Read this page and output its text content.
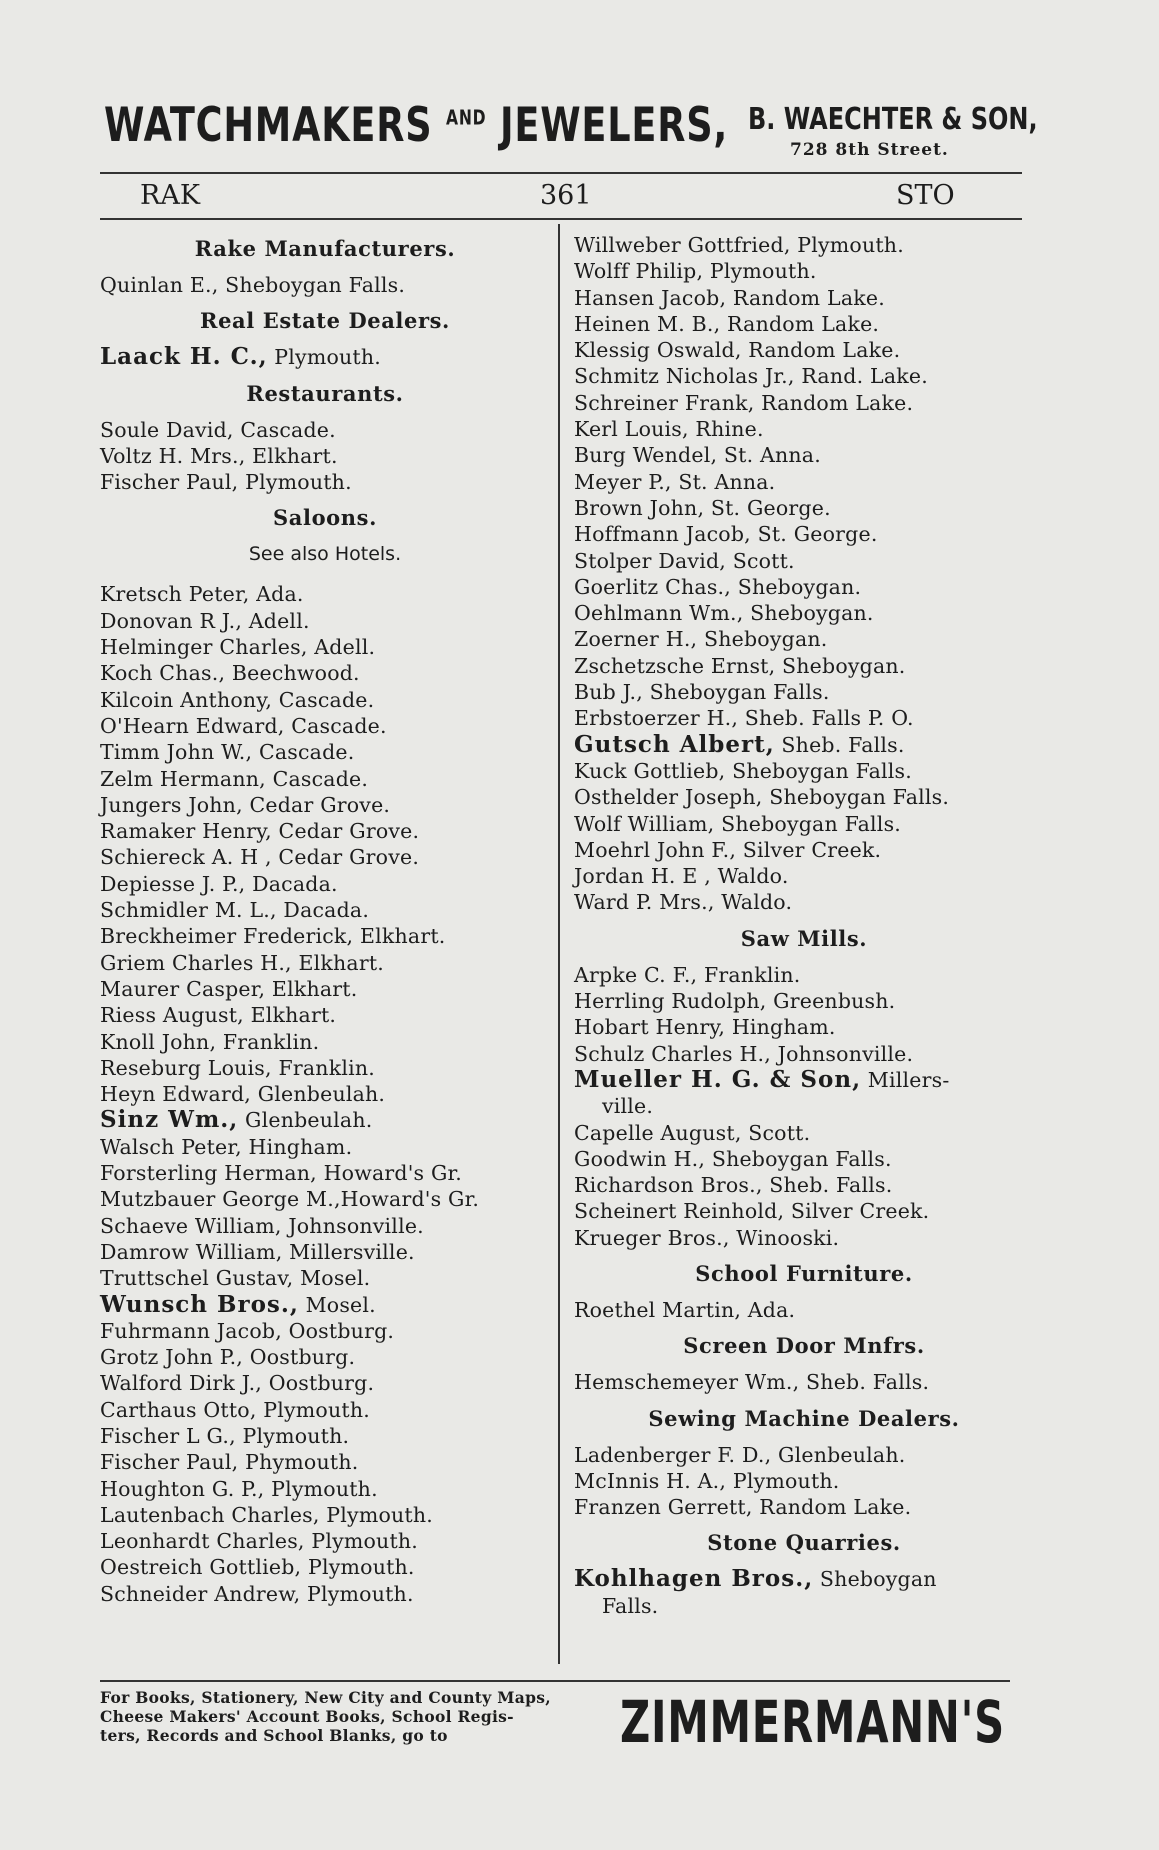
WATCHMAKERS $^{AND}$ JEWELERS, B. WAECHTER & SON,
728 8th Street.
RAK	361	STO
Rake Manufacturers.
Quinlan E., Sheboygan Falls.
Real Estate Dealers.
Laack H. C., Plymouth.
Restaurants.
Soule David, Cascade.
Voltz H. Mrs., Elkhart.
Fischer Paul, Plymouth.
Saloons.
See also Hotels.
Kretsch Peter, Ada.
Donovan R J., Adell.
Helminger Charles, Adell.
Koch Chas., Beechwood.
Kilcoin Anthony, Cascade.
O'Hearn Edward, Cascade.
Timm John W., Cascade.
Zelm Hermann, Cascade.
Jungers John, Cedar Grove.
Ramaker Henry, Cedar Grove.
Schiereck A. H , Cedar Grove.
Depiesse J. P., Dacada.
Schmidler M. L., Dacada.
Breckheimer Frederick, Elkhart.
Griem Charles H., Elkhart.
Maurer Casper, Elkhart.
Riess August, Elkhart.
Knoll John, Franklin.
Reseburg Louis, Franklin.
Heyn Edward, Glenbeulah.
Sinz Wm., Glenbeulah.
Walsch Peter, Hingham.
Forsterling Herman, Howard's Gr.
Mutzbauer George M.,Howard's Gr.
Schaeve William, Johnsonville.
Damrow William, Millersville.
Truttschel Gustav, Mosel.
Wunsch Bros., Mosel.
Fuhrmann Jacob, Oostburg.
Grotz John P., Oostburg.
Walford Dirk J., Oostburg.
Carthaus Otto, Plymouth.
Fischer L G., Plymouth.
Fischer Paul, Phymouth.
Houghton G. P., Plymouth.
Lautenbach Charles, Plymouth.
Leonhardt Charles, Plymouth.
Oestreich Gottlieb, Plymouth.
Schneider Andrew, Plymouth.
Willweber Gottfried, Plymouth.
Wolff Philip, Plymouth.
Hansen Jacob, Random Lake.
Heinen M. B., Random Lake.
Klessig Oswald, Random Lake.
Schmitz Nicholas Jr., Rand. Lake.
Schreiner Frank, Random Lake.
Kerl Louis, Rhine.
Burg Wendel, St. Anna.
Meyer P., St. Anna.
Brown John, St. George.
Hoffmann Jacob, St. George.
Stolper David, Scott.
Goerlitz Chas., Sheboygan.
Oehlmann Wm., Sheboygan.
Zoerner H., Sheboygan.
Zschetzsche Ernst, Sheboygan.
Bub J., Sheboygan Falls.
Erbstoerzer H., Sheb. Falls P. O.
Gutsch Albert, Sheb. Falls.
Kuck Gottlieb, Sheboygan Falls.
Osthelder Joseph, Sheboygan Falls.
Wolf William, Sheboygan Falls.
Moehrl John F., Silver Creek.
Jordan H. E , Waldo.
Ward P. Mrs., Waldo.
Saw Mills.
Arpke C. F., Franklin.
Herrling Rudolph, Greenbush.
Hobart Henry, Hingham.
Schulz Charles H., Johnsonville.
Mueller H. G. & Son, Millers-
ville.
Capelle August, Scott.
Goodwin H., Sheboygan Falls.
Richardson Bros., Sheb. Falls.
Scheinert Reinhold, Silver Creek.
Krueger Bros., Winooski.
School Furniture.
Roethel Martin, Ada.
Screen Door Mnfrs.
Hemschemeyer Wm., Sheb. Falls.
Sewing Machine Dealers.
Ladenberger F. D., Glenbeulah.
McInnis H. A., Plymouth.
Franzen Gerrett, Random Lake.
Stone Quarries.
Kohlhagen Bros., Sheboygan
Falls.
For Books, Stationery, New City and County Maps,
Cheese Makers' Account Books, School Regis-
ters, Records and School Blanks, go to	ZIMMERMANN'S
